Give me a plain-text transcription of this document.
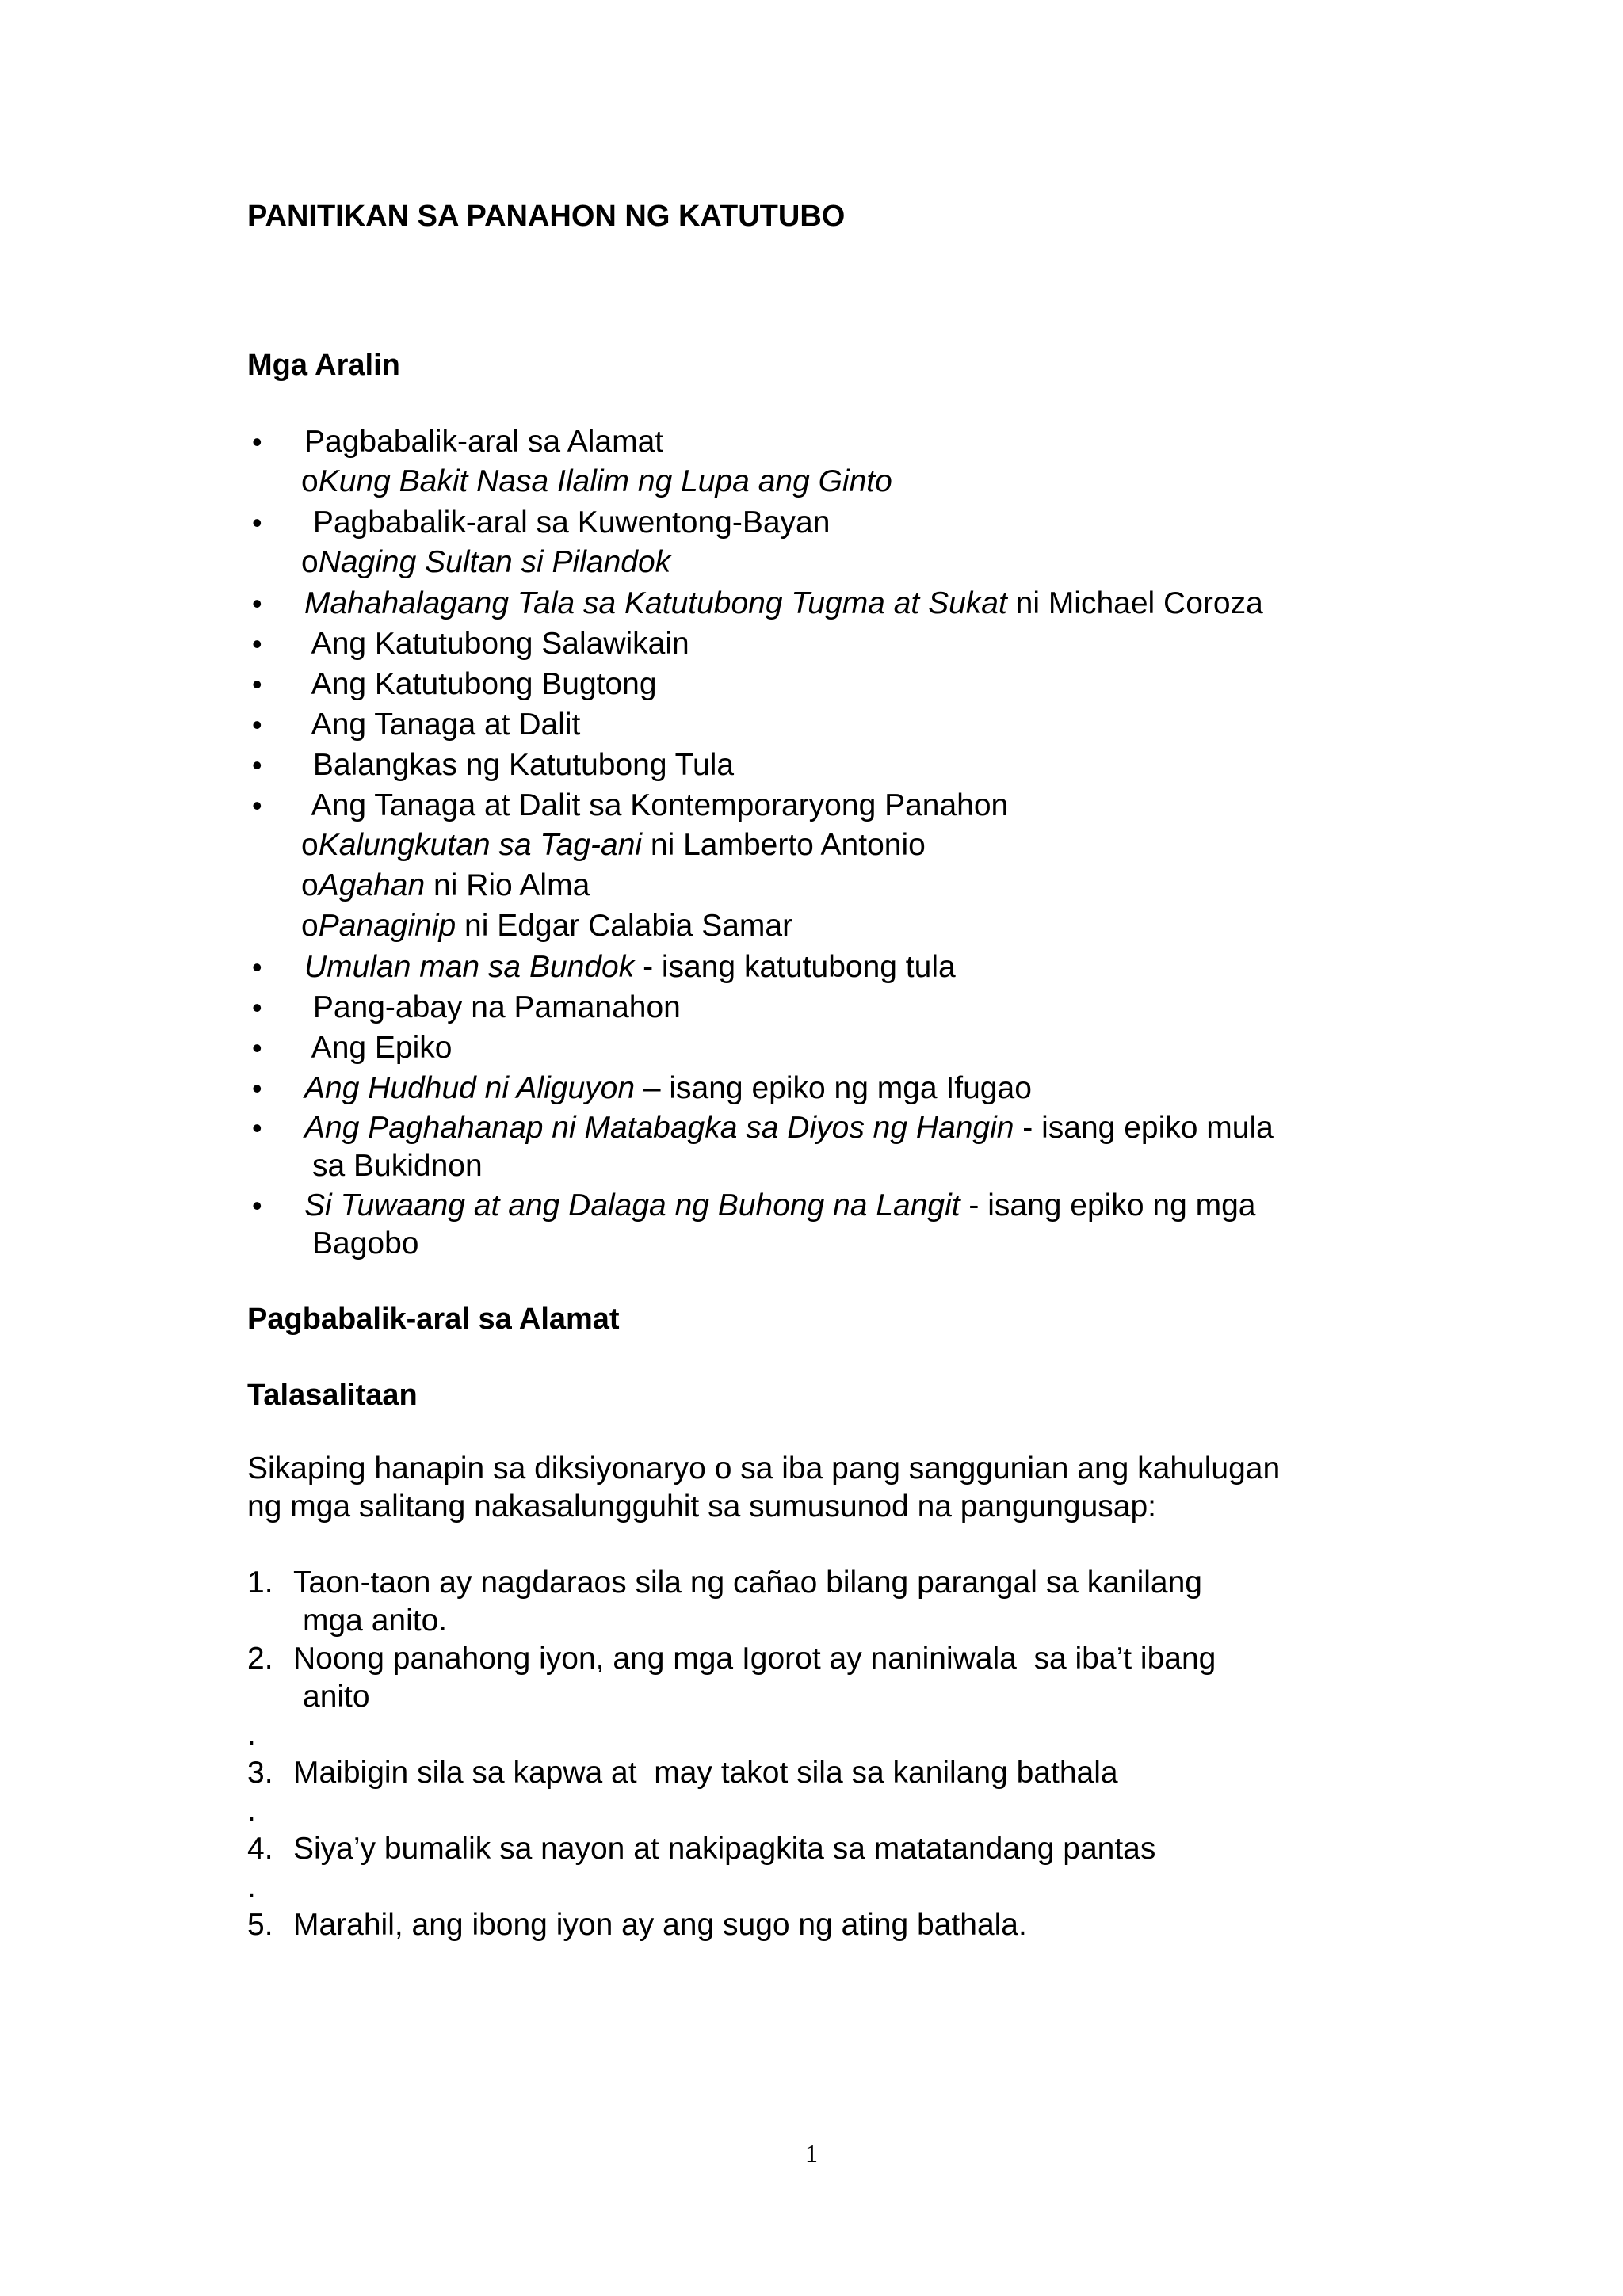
PANITIKAN SA PANAHON NG KATUTUBO
Mga Aralin
• Pagbabalik-aral sa Alamat
oKung Bakit Nasa Ilalim ng Lupa ang Ginto
• Pagbabalik-aral sa Kuwentong-Bayan
oNaging Sultan si Pilandok
• Mahahalagang Tala sa Katutubong Tugma at Sukat ni Michael Coroza
• Ang Katutubong Salawikain
• Ang Katutubong Bugtong
• Ang Tanaga at Dalit
• Balangkas ng Katutubong Tula
• Ang Tanaga at Dalit sa Kontemporaryong Panahon
oKalungkutan sa Tag-ani ni Lamberto Antonio
oAgahan ni Rio Alma
oPanaginip ni Edgar Calabia Samar
• Umulan man sa Bundok - isang katutubong tula
• Pang-abay na Pamanahon
• Ang Epiko
• Ang Hudhud ni Aliguyon – isang epiko ng mga Ifugao
• Ang Paghahanap ni Matabagka sa Diyos ng Hangin - isang epiko mula
sa Bukidnon
• Si Tuwaang at ang Dalaga ng Buhong na Langit - isang epiko ng mga
Bagobo
Pagbabalik-aral sa Alamat
Talasalitaan
Sikaping hanapin sa diksiyonaryo o sa iba pang sanggunian ang kahulugan
ng mga salitang nakasalungguhit sa sumusunod na pangungusap:
1. Taon-taon ay nagdaraos sila ng cañao bilang parangal sa kanilang
mga anito.
2. Noong panahong iyon, ang mga Igorot ay naniniwala  sa iba’t ibang
anito
.
3. Maibigin sila sa kapwa at  may takot sila sa kanilang bathala
.
4. Siya’y bumalik sa nayon at nakipagkita sa matatandang pantas
.
5. Marahil, ang ibong iyon ay ang sugo ng ating bathala.
1
